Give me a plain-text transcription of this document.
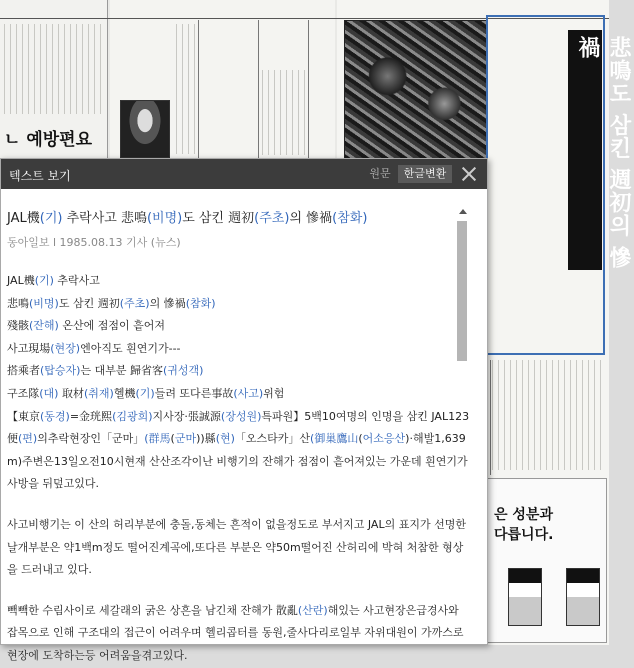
ㄴ 예방편요	悲鳴도 삼킨 週初의 慘禍
은 성분과
다릅니다.
텍스트 보기	원문	한글변환
JAL機(기) 추락사고 悲鳴(비명)도 삼킨 週初(주초)의 慘禍(참화)
동아일보 l 1985.08.13 기사 (뉴스)

JAL機(기) 추락사고

悲鳴(비명)도 삼킨 週初(주초)의 慘禍(참화)

殘骸(잔해) 온산에 점점이 흩어져

사고現場(현장)엔아직도 흰연기가---

搭乘者(탑승자)는 대부분 歸省客(귀성객)

구조隊(대) 取材(취재)헬機(기)들려 또다른事故(사고)위험

【東京(동경)=金珖熙(김광희)지사장·張誠源(장성원)특파원】5백10여명의 인명을 삼킨 JAL123便(편)의추락현장인「군마」(群馬(군마))縣(현)「오스타카」산(御巢鷹山(어소응산)·해발1,639m)주변은13일오전10시현재 산산조각이난 비행기의 잔해가 점점이 흩어져있는 가운데 흰연기가 사방을 뒤덮고있다.

사고비행기는 이 산의 허리부분에 충돌,동체는 흔적이 없을정도로 부서지고 JAL의 표지가 선명한 날개부분은 약1백m정도 떨어진계곡에,또다른 부분은 약50m떨어진 산허리에 박혀 처참한 형상을 드러내고 있다.

빽빽한 수림사이로 세갈래의 굵은 상흔을 남긴채 잔해가 散亂(산란)해있는 사고현장은급경사와 잡목으로 인해 구조대의 접근이 어려우며 헬리콥터를 동원,줄사다리로일부 자위대원이 가까스로현장에 도착하는등 어려움을겪고있다.
